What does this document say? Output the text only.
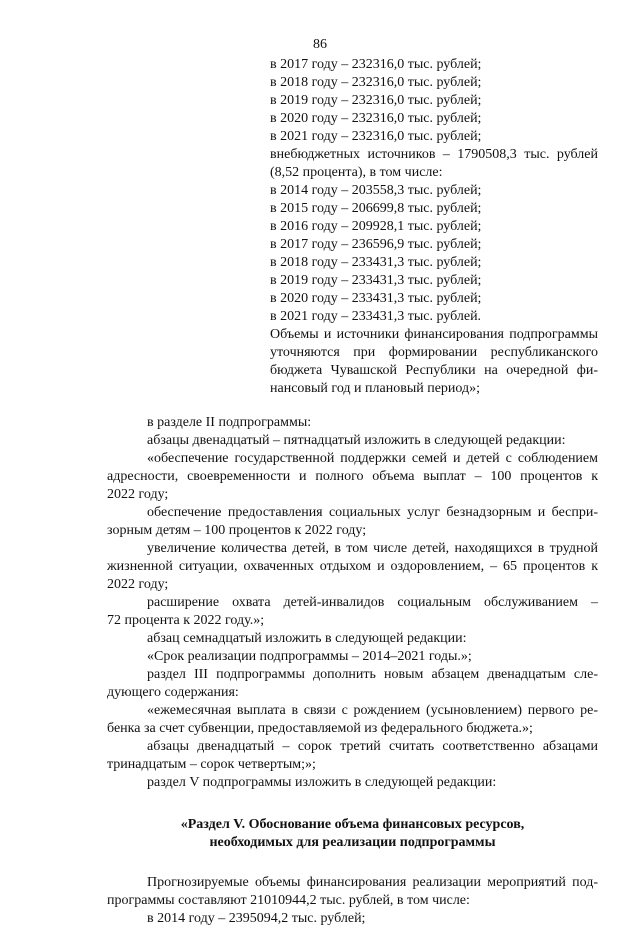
86
в 2017 году – 232316,0 тыс. рублей;
в 2018 году – 232316,0 тыс. рублей;
в 2019 году – 232316,0 тыс. рублей;
в 2020 году – 232316,0 тыс. рублей;
в 2021 году – 232316,0 тыс. рублей;
внебюджетных источников – 1790508,3 тыс. рублей
(8,52 процента), в том числе:
в 2014 году – 203558,3 тыс. рублей;
в 2015 году – 206699,8 тыс. рублей;
в 2016 году – 209928,1 тыс. рублей;
в 2017 году – 236596,9 тыс. рублей;
в 2018 году – 233431,3 тыс. рублей;
в 2019 году – 233431,3 тыс. рублей;
в 2020 году – 233431,3 тыс. рублей;
в 2021 году – 233431,3 тыс. рублей.
Объемы и источники финансирования подпрограммы
уточняются при формировании республиканского
бюджета Чувашской Республики на очередной фи-
нансовый год и плановый период»;
в разделе II подпрограммы:
абзацы двенадцатый – пятнадцатый изложить в следующей редакции:
«обеспечение государственной поддержки семей и детей с соблюдением
адресности, своевременности и полного объема выплат – 100 процентов к
2022 году;
обеспечение предоставления социальных услуг безнадзорным и беспри-
зорным детям – 100 процентов к 2022 году;
увеличение количества детей, в том числе детей, находящихся в трудной
жизненной ситуации, охваченных отдыхом и оздоровлением, – 65 процентов к
2022 году;
расширение охвата детей-инвалидов социальным обслуживанием –
72 процента к 2022 году.»;
абзац семнадцатый изложить в следующей редакции:
«Срок реализации подпрограммы – 2014–2021 годы.»;
раздел III подпрограммы дополнить новым абзацем двенадцатым сле-
дующего содержания:
«ежемесячная выплата в связи с рождением (усыновлением) первого ре-
бенка за счет субвенции, предоставляемой из федерального бюджета.»;
абзацы двенадцатый – сорок третий считать соответственно абзацами
тринадцатым – сорок четвертым;»;
раздел V подпрограммы изложить в следующей редакции:
«Раздел V. Обоснование объема финансовых ресурсов,
необходимых для реализации подпрограммы
Прогнозируемые объемы финансирования реализации мероприятий под-
программы составляют 21010944,2 тыс. рублей, в том числе:
в 2014 году – 2395094,2 тыс. рублей;
